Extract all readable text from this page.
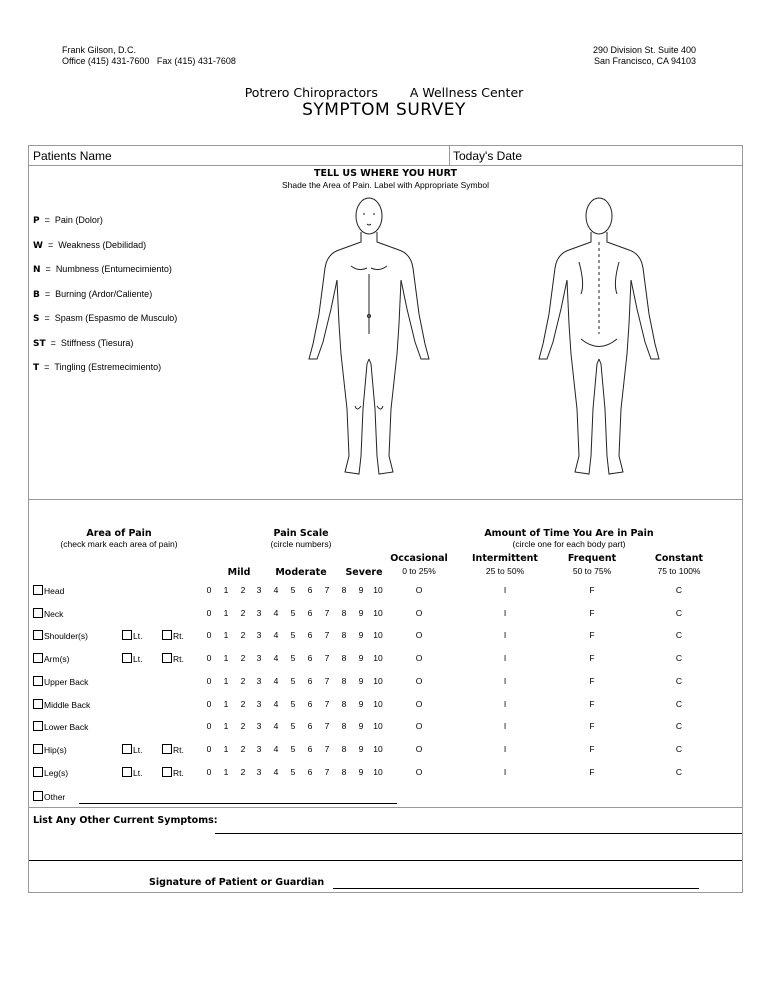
Frank Gilson, D.C.
Office (415) 431-7600   Fax (415) 431-7608
290 Division St. Suite 400
San Francisco, CA 94103
Potrero Chiropractors	A Wellness Center
SYMPTOM SURVEY
Patients Name	Today's Date
TELL US WHERE YOU HURT
Shade the Area of Pain. Label with Appropriate Symbol
P  =  Pain (Dolor)
W  =  Weakness (Debilidad)
N  =  Numbness (Entumecimiento)
B  =  Burning (Ardor/Caliente)
S  =  Spasm (Espasmo de Musculo)
ST  =  Stiffness (Tiesura)
T  =  Tingling (Estremecimiento)
Area of Pain
(check mark each area of pain)
Pain Scale
(circle numbers)
Amount of Time You Are in Pain
(circle one for each body part)
Mild	Moderate	Severe
Occasional
0 to 25%
Intermittent
25 to 50%
Frequent
50 to 75%
Constant
75 to 100%
Head	0	1	2	3	4	5	6	7	8	9	10	O	I	F	C
Neck	0	1	2	3	4	5	6	7	8	9	10	O	I	F	C
Shoulder(s)	Lt.	Rt.	0	1	2	3	4	5	6	7	8	9	10	O	I	F	C
Arm(s)	Lt.	Rt.	0	1	2	3	4	5	6	7	8	9	10	O	I	F	C
Upper Back	0	1	2	3	4	5	6	7	8	9	10	O	I	F	C
Middle Back	0	1	2	3	4	5	6	7	8	9	10	O	I	F	C
Lower Back	0	1	2	3	4	5	6	7	8	9	10	O	I	F	C
Hip(s)	Lt.	Rt.	0	1	2	3	4	5	6	7	8	9	10	O	I	F	C
Leg(s)	Lt.	Rt.	0	1	2	3	4	5	6	7	8	9	10	O	I	F	C
Other
List Any Other Current Symptoms:
Signature of Patient or Guardian
